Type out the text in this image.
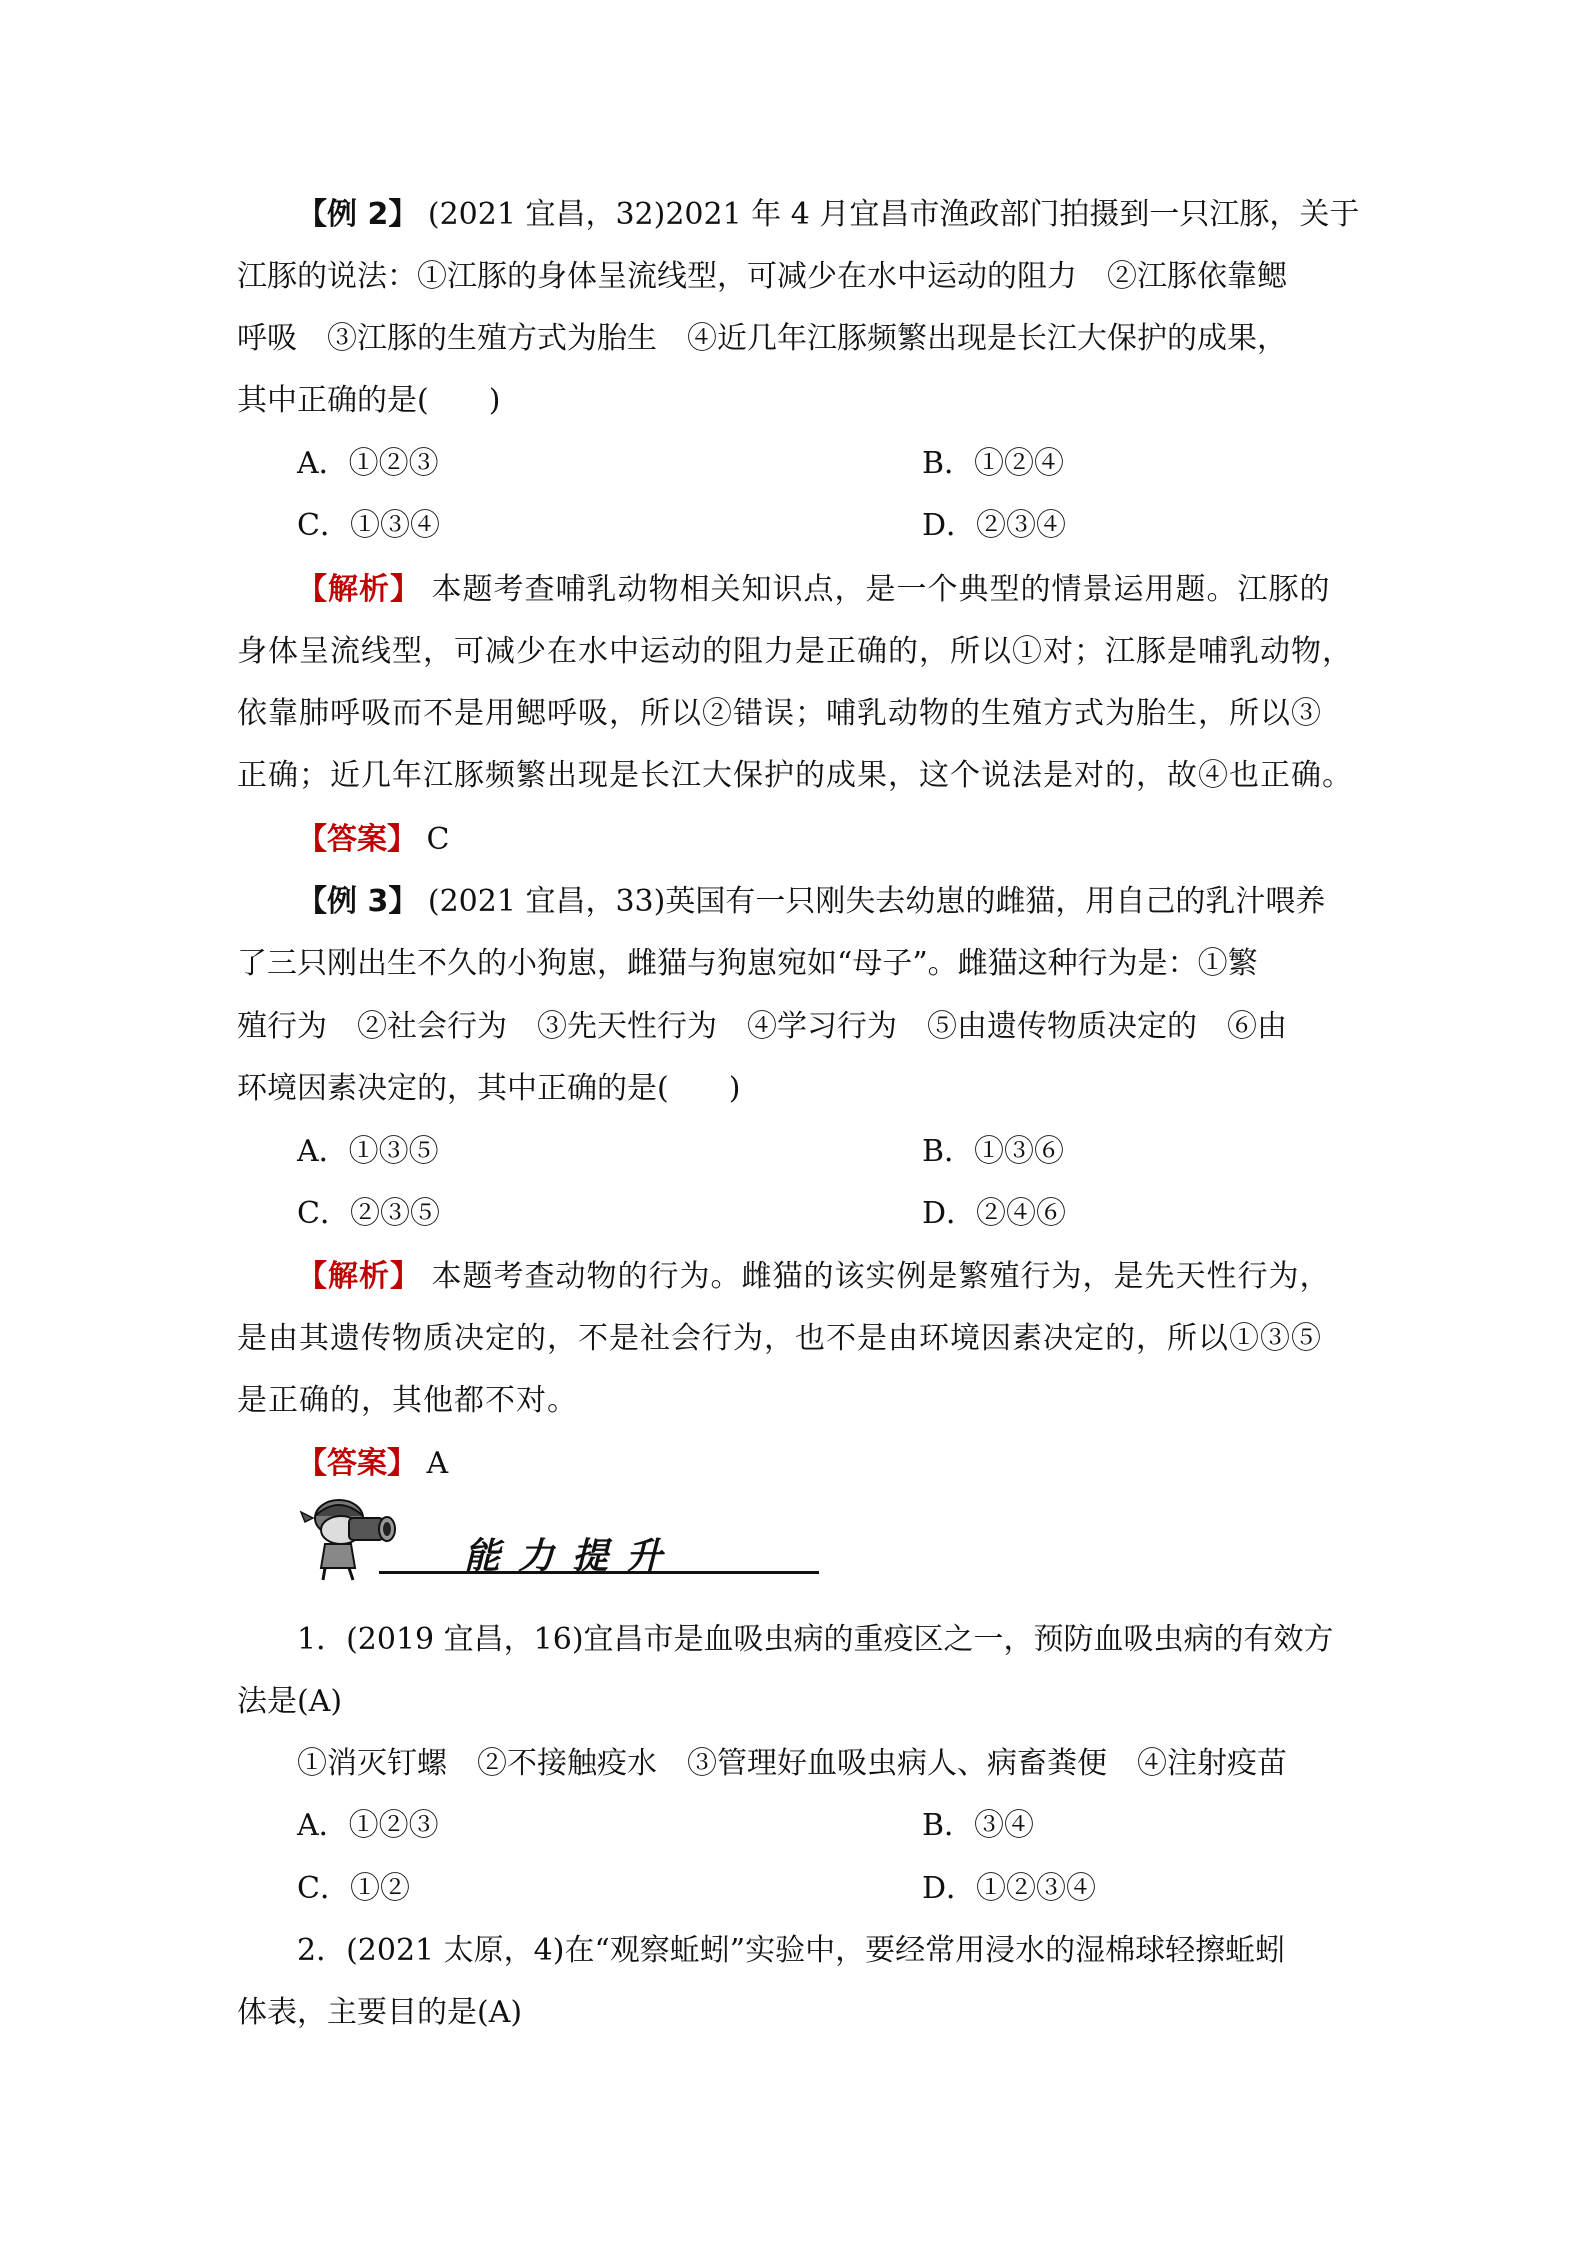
【例 2】 (2021 宜昌，32)2021 年 4 月宜昌市渔政部门拍摄到一只江豚，关于
江豚的说法：①江豚的身体呈流线型，可减少在水中运动的阻力　②江豚依靠鳃
呼吸　③江豚的生殖方式为胎生　④近几年江豚频繁出现是长江大保护的成果，
其中正确的是(　　)
A．①②③	B．①②④
C．①③④	D．②③④
【解析】 本题考查哺乳动物相关知识点，是一个典型的情景运用题。江豚的
身体呈流线型，可减少在水中运动的阻力是正确的，所以①对；江豚是哺乳动物，
依靠肺呼吸而不是用鳃呼吸，所以②错误；哺乳动物的生殖方式为胎生，所以③
正确；近几年江豚频繁出现是长江大保护的成果，这个说法是对的，故④也正确。
【答案】 C
【例 3】 (2021 宜昌，33)英国有一只刚失去幼崽的雌猫，用自己的乳汁喂养
了三只刚出生不久的小狗崽，雌猫与狗崽宛如“母子”。雌猫这种行为是：①繁
殖行为　②社会行为　③先天性行为　④学习行为　⑤由遗传物质决定的　⑥由
环境因素决定的，其中正确的是(　　)
A．①③⑤	B．①③⑥
C．②③⑤	D．②④⑥
【解析】 本题考查动物的行为。雌猫的该实例是繁殖行为，是先天性行为，
是由其遗传物质决定的，不是社会行为，也不是由环境因素决定的，所以①③⑤
是正确的，其他都不对。
【答案】 A
能力提升
1．(2019 宜昌，16)宜昌市是血吸虫病的重疫区之一，预防血吸虫病的有效方
法是(A)
①消灭钉螺　②不接触疫水　③管理好血吸虫病人、病畜粪便　④注射疫苗
A．①②③	B．③④
C．①②	D．①②③④
2．(2021 太原，4)在“观察蚯蚓”实验中，要经常用浸水的湿棉球轻擦蚯蚓
体表，主要目的是(A)
